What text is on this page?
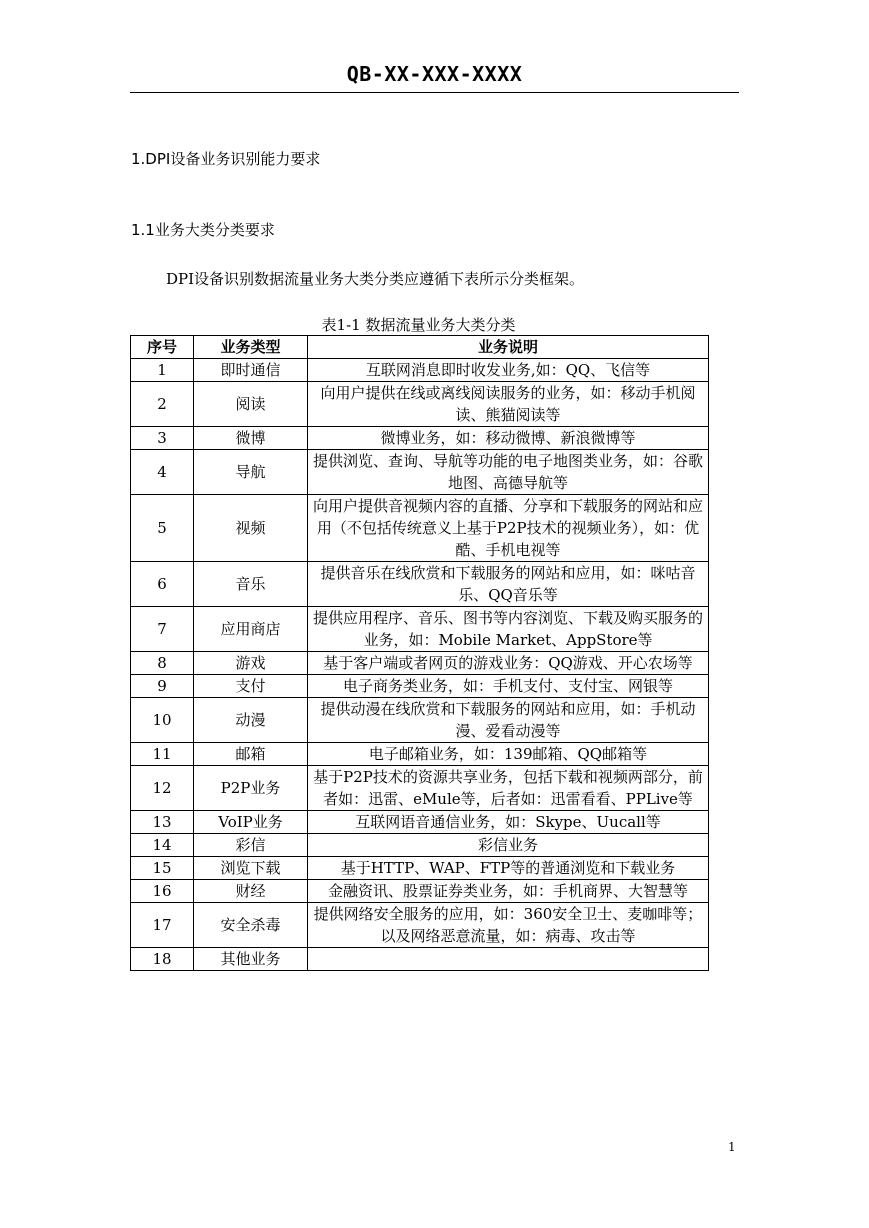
QB-XX-XXX-XXXX
1.DPI设备业务识别能力要求
1.1业务大类分类要求
DPI设备识别数据流量业务大类分类应遵循下表所示分类框架。
表1-1 数据流量业务大类分类
序号	业务类型	业务说明
1	即时通信	互联网消息即时收发业务,如：QQ、飞信等
2	阅读	向用户提供在线或离线阅读服务的业务，如：移动手机阅读、熊猫阅读等
3	微博	微博业务，如：移动微博、新浪微博等
4	导航	提供浏览、查询、导航等功能的电子地图类业务，如：谷歌地图、高德导航等
5	视频	向用户提供音视频内容的直播、分享和下载服务的网站和应用（不包括传统意义上基于P2P技术的视频业务），如：优酷、手机电视等
6	音乐	提供音乐在线欣赏和下载服务的网站和应用，如：咪咕音乐、QQ音乐等
7	应用商店	提供应用程序、音乐、图书等内容浏览、下载及购买服务的业务，如：Mobile Market、AppStore等
8	游戏	基于客户端或者网页的游戏业务：QQ游戏、开心农场等
9	支付	电子商务类业务，如：手机支付、支付宝、网银等
10	动漫	提供动漫在线欣赏和下载服务的网站和应用，如：手机动漫、爱看动漫等
11	邮箱	电子邮箱业务，如：139邮箱、QQ邮箱等
12	P2P业务	基于P2P技术的资源共享业务，包括下载和视频两部分，前者如：迅雷、eMule等，后者如：迅雷看看、PPLive等
13	VoIP业务	互联网语音通信业务，如：Skype、Uucall等
14	彩信	彩信业务
15	浏览下载	基于HTTP、WAP、FTP等的普通浏览和下载业务
16	财经	金融资讯、股票证券类业务，如：手机商界、大智慧等
17	安全杀毒	提供网络安全服务的应用，如：360安全卫士、麦咖啡等；以及网络恶意流量，如：病毒、攻击等
18	其他业务	
1
